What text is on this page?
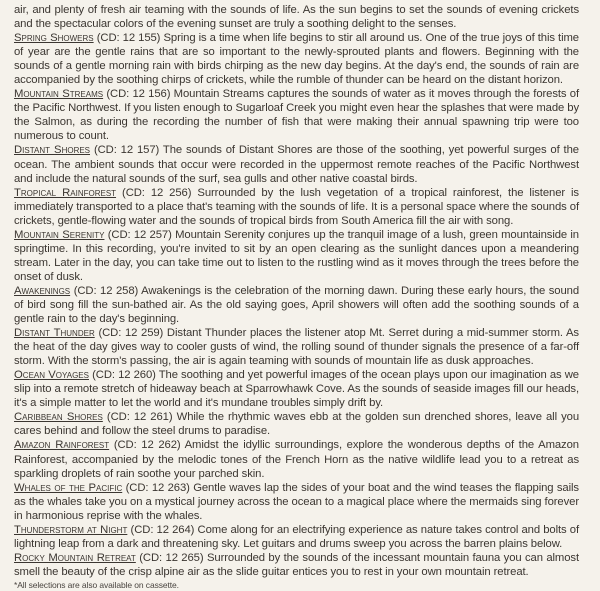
air, and plenty of fresh air teaming with the sounds of life. As the sun begins to set the sounds of evening crickets and the spectacular colors of the evening sunset are truly a soothing delight to the senses.

Spring Showers (CD: 12 155) Spring is a time when life begins to stir all around us. One of the true joys of this time of year are the gentle rains that are so important to the newly-sprouted plants and flowers. Beginning with the sounds of a gentle morning rain with birds chirping as the new day begins. At the day's end, the sounds of rain are accompanied by the soothing chirps of crickets, while the rumble of thunder can be heard on the distant horizon.

Mountain Streams (CD: 12 156) Mountain Streams captures the sounds of water as it moves through the forests of the Pacific Northwest. If you listen enough to Sugarloaf Creek you might even hear the splashes that were made by the Salmon, as during the recording the number of fish that were making their annual spawning trip were too numerous to count.

Distant Shores (CD: 12 157) The sounds of Distant Shores are those of the soothing, yet powerful surges of the ocean. The ambient sounds that occur were recorded in the uppermost remote reaches of the Pacific Northwest and include the natural sounds of the surf, sea gulls and other native coastal birds.

Tropical Rainforest (CD: 12 256) Surrounded by the lush vegetation of a tropical rainforest, the listener is immediately transported to a place that's teaming with the sounds of life. It is a personal space where the sounds of crickets, gentle-flowing water and the sounds of tropical birds from South America fill the air with song.

Mountain Serenity (CD: 12 257) Mountain Serenity conjures up the tranquil image of a lush, green mountainside in springtime. In this recording, you're invited to sit by an open clearing as the sunlight dances upon a meandering stream. Later in the day, you can take time out to listen to the rustling wind as it moves through the trees before the onset of dusk.

Awakenings (CD: 12 258) Awakenings is the celebration of the morning dawn. During these early hours, the sound of bird song fill the sun-bathed air. As the old saying goes, April showers will often add the soothing sounds of a gentle rain to the day's beginning.

Distant Thunder (CD: 12 259) Distant Thunder places the listener atop Mt. Serret during a mid-summer storm. As the heat of the day gives way to cooler gusts of wind, the rolling sound of thunder signals the presence of a far-off storm. With the storm's passing, the air is again teaming with sounds of mountain life as dusk approaches.

Ocean Voyages (CD: 12 260) The soothing and yet powerful images of the ocean plays upon our imagination as we slip into a remote stretch of hideaway beach at Sparrowhawk Cove. As the sounds of seaside images fill our heads, it's a simple matter to let the world and it's mundane troubles simply drift by.

Caribbean Shores (CD: 12 261) While the rhythmic waves ebb at the golden sun drenched shores, leave all you cares behind and follow the steel drums to paradise.

Amazon Rainforest (CD: 12 262) Amidst the idyllic surroundings, explore the wonderous depths of the Amazon Rainforest, accompanied by the melodic tones of the French Horn as the native wildlife lead you to a retreat as sparkling droplets of rain soothe your parched skin.

Whales of the Pacific (CD: 12 263) Gentle waves lap the sides of your boat and the wind teases the flapping sails as the whales take you on a mystical journey across the ocean to a magical place where the mermaids sing forever in harmonious reprise with the whales.

Thunderstorm at Night (CD: 12 264) Come along for an electrifying experience as nature takes control and bolts of lightning leap from a dark and threatening sky. Let guitars and drums sweep you across the barren plains below.

Rocky Mountain Retreat (CD: 12 265) Surrounded by the sounds of the incessant mountain fauna you can almost smell the beauty of the crisp alpine air as the slide guitar entices you to rest in your own mountain retreat.

*All selections are also available on cassette.
